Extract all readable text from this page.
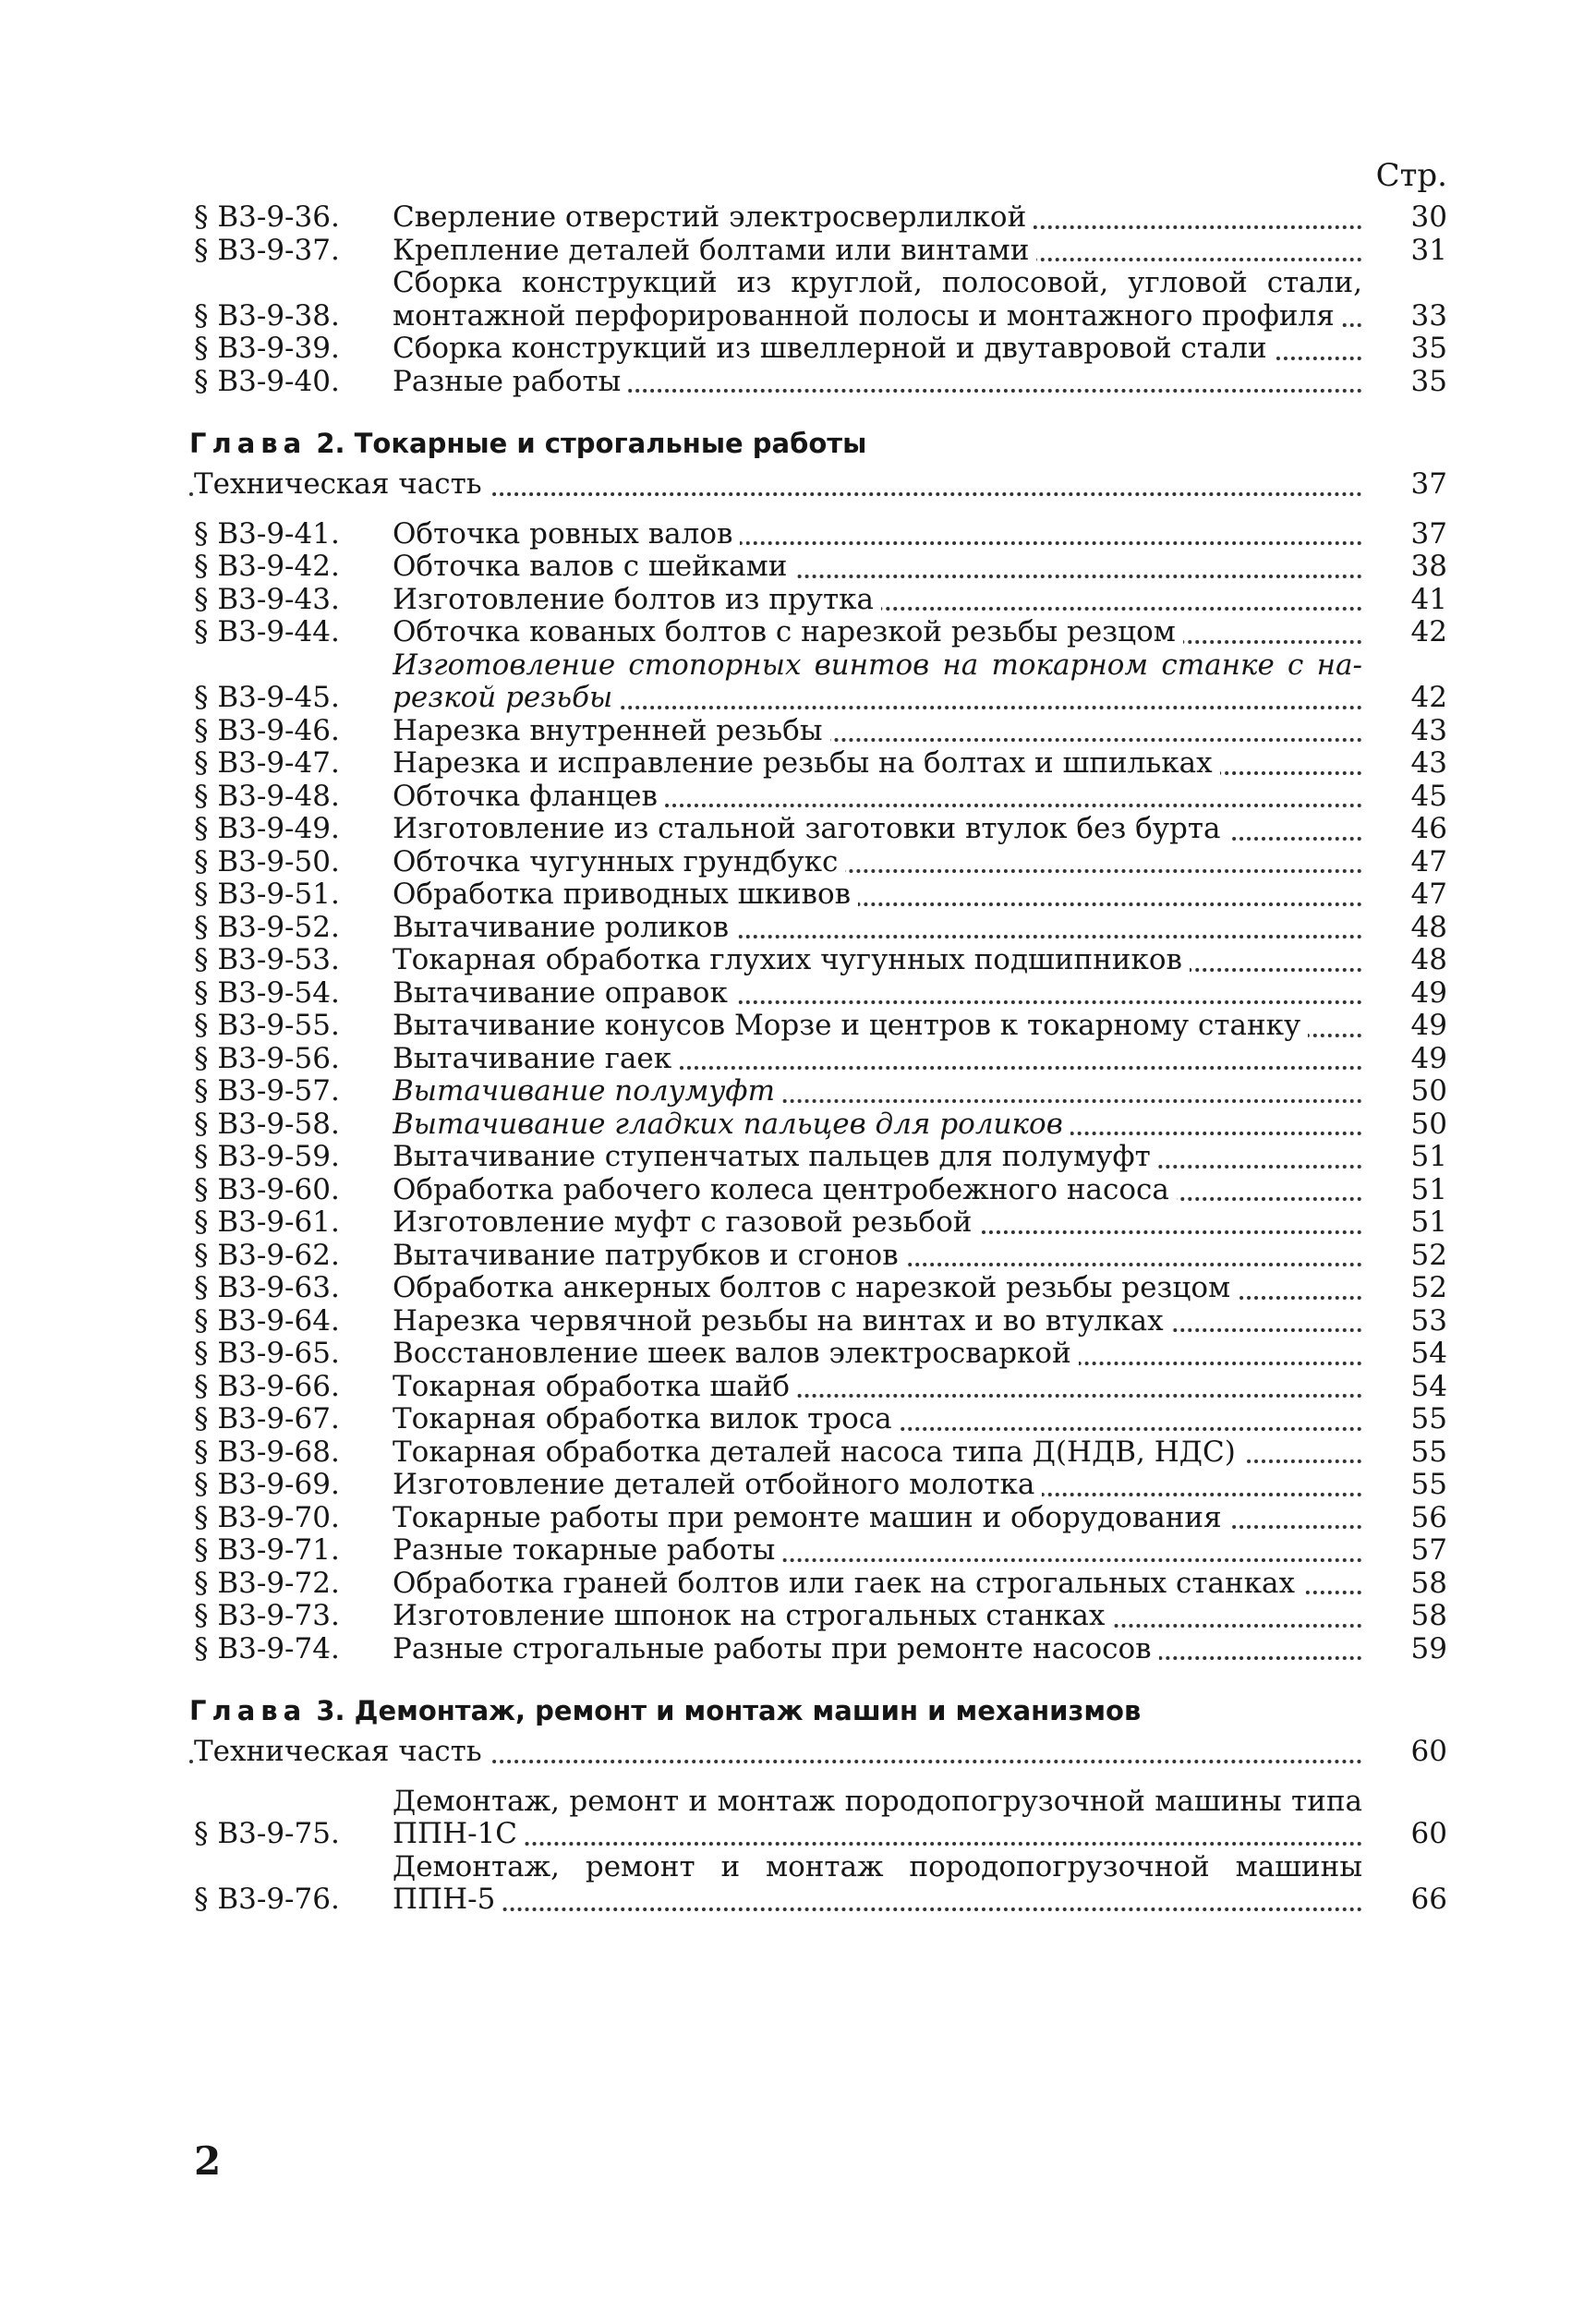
Стр.
§ В3-9-36.	Сверление отверстий электросверлилкой	30
§ В3-9-37.	Крепление деталей болтами или винтами	31
§ В3-9-38.
Сборка конструкций из круглой, полосовой, угловой стали,
монтажной перфорированной полосы и монтажного профиля	33
§ В3-9-39.	Сборка конструкций из швеллерной и двутавровой стали	35
§ В3-9-40.	Разные работы	35
Глава 2. Токарные и строгальные работы
Техническая часть	37
§ В3-9-41.	Обточка ровных валов	37
§ В3-9-42.	Обточка валов с шейками	38
§ В3-9-43.	Изготовление болтов из прутка	41
§ В3-9-44.	Обточка кованых болтов с нарезкой резьбы резцом	42
§ В3-9-45.
Изготовление стопорных винтов на токарном станке с на-
резкой резьбы	42
§ В3-9-46.	Нарезка внутренней резьбы	43
§ В3-9-47.	Нарезка и исправление резьбы на болтах и шпильках	43
§ В3-9-48.	Обточка фланцев	45
§ В3-9-49.	Изготовление из стальной заготовки втулок без бурта	46
§ В3-9-50.	Обточка чугунных грундбукс	47
§ В3-9-51.	Обработка приводных шкивов	47
§ В3-9-52.	Вытачивание роликов	48
§ В3-9-53.	Токарная обработка глухих чугунных подшипников	48
§ В3-9-54.	Вытачивание оправок	49
§ В3-9-55.	Вытачивание конусов Морзе и центров к токарному станку	49
§ В3-9-56.	Вытачивание гаек	49
§ В3-9-57.	Вытачивание полумуфт	50
§ В3-9-58.	Вытачивание гладких пальцев для роликов	50
§ В3-9-59.	Вытачивание ступенчатых пальцев для полумуфт	51
§ В3-9-60.	Обработка рабочего колеса центробежного насоса	51
§ В3-9-61.	Изготовление муфт с газовой резьбой	51
§ В3-9-62.	Вытачивание патрубков и сгонов	52
§ В3-9-63.	Обработка анкерных болтов с нарезкой резьбы резцом	52
§ В3-9-64.	Нарезка червячной резьбы на винтах и во втулках	53
§ В3-9-65.	Восстановление шеек валов электросваркой	54
§ В3-9-66.	Токарная обработка шайб	54
§ В3-9-67.	Токарная обработка вилок троса	55
§ В3-9-68.	Токарная обработка деталей насоса типа Д(НДВ, НДС)	55
§ В3-9-69.	Изготовление деталей отбойного молотка	55
§ В3-9-70.	Токарные работы при ремонте машин и оборудования	56
§ В3-9-71.	Разные токарные работы	57
§ В3-9-72.	Обработка граней болтов или гаек на строгальных станках	58
§ В3-9-73.	Изготовление шпонок на строгальных станках	58
§ В3-9-74.	Разные строгальные работы при ремонте насосов	59
Глава 3. Демонтаж, ремонт и монтаж машин и механизмов
Техническая часть	60
§ В3-9-75.
Демонтаж, ремонт и монтаж породопогрузочной машины типа
ППН-1С	60
§ В3-9-76.
Демонтаж, ремонт и монтаж породопогрузочной машины
ППН-5	66
2
